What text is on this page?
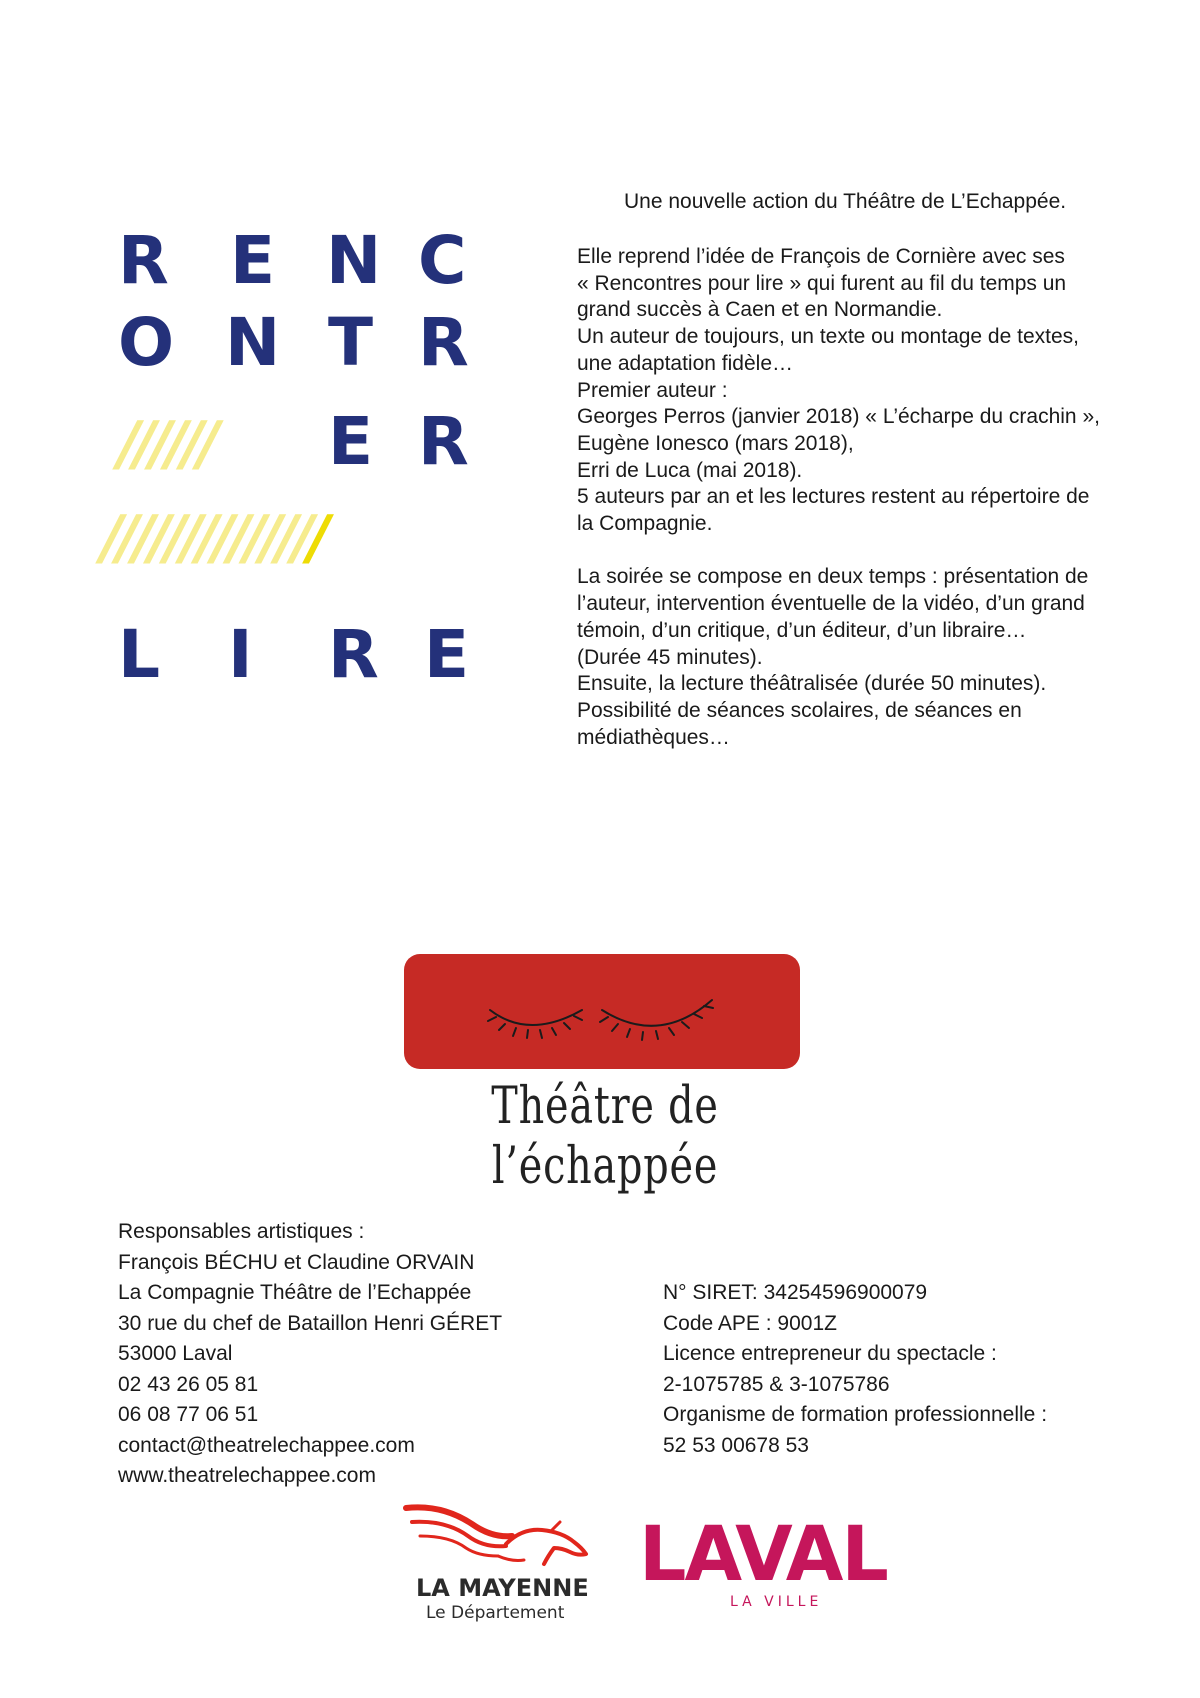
R E N C
O N T R
////// E R
//////////////
L I R E
Une nouvelle action du Théâtre de L’Echappée.

Elle reprend l’idée de François de Cornière avec ses

« Rencontres pour lire » qui furent au fil du temps un

grand succès à Caen et en Normandie.

Un auteur de toujours, un texte ou montage de textes,

une adaptation fidèle…

Premier auteur :

Georges Perros (janvier 2018) « L’écharpe du crachin »,

Eugène Ionesco (mars 2018),

Erri de Luca (mai 2018).

5 auteurs par an et les lectures restent au répertoire de

la Compagnie.

La soirée se compose en deux temps : présentation de

l’auteur, intervention éventuelle de la vidéo, d’un grand

témoin, d’un critique, d’un éditeur, d’un libraire…

(Durée 45 minutes).

Ensuite, la lecture théâtralisée (durée 50 minutes).

Possibilité de séances scolaires, de séances en

médiathèques…

Théâtre de l’échappée
Responsables artistiques :
François BÉCHU et Claudine ORVAIN
La Compagnie Théâtre de l’Echappée
30 rue du chef de Bataillon Henri GÉRET
53000 Laval
02 43 26 05 81
06 08 77 06 51
contact@theatrelechappee.com
www.theatrelechappee.com
N° SIRET: 34254596900079
Code APE : 9001Z
Licence entrepreneur du spectacle :
2-1075785 & 3-1075786
Organisme de formation professionnelle :
52 53 00678 53
LA MAYENNE
Le Département
LAVAL
LA VILLE
